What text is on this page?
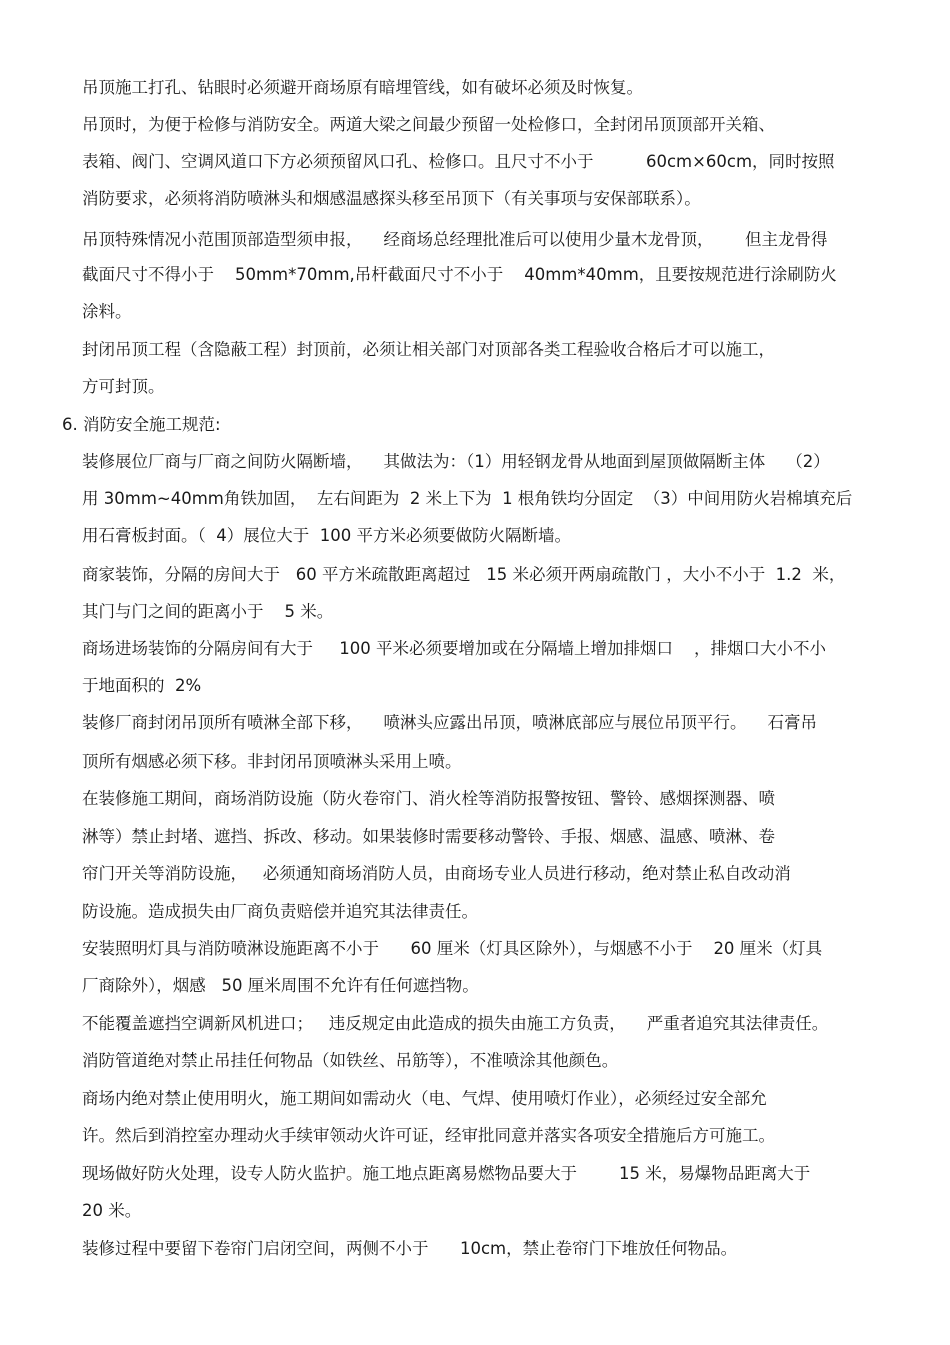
吊顶施工打孔、钻眼时必须避开商场原有暗埋管线，如有破坏必须及时恢复。
吊顶时，为便于检修与消防安全。两道大梁之间最少预留一处检修口，全封闭吊顶顶部开关箱、
表箱、阀门、空调风道口下方必须预留风口孔、检修口。且尺寸不小于          60cm×60cm，同时按照
消防要求，必须将消防喷淋头和烟感温感探头移至吊顶下（有关事项与安保部联系）。
吊顶特殊情况小范围顶部造型须申报，    经商场总经理批准后可以使用少量木龙骨顶，      但主龙骨得
截面尺寸不得小于    50mm*70mm,吊杆截面尺寸不小于    40mm*40mm，且要按规范进行涂刷防火
涂料。
封闭吊顶工程（含隐蔽工程）封顶前，必须让相关部门对顶部各类工程验收合格后才可以施工，
方可封顶。
6. 消防安全施工规范:
装修展位厂商与厂商之间防火隔断墙，    其做法为：（1）用轻钢龙骨从地面到屋顶做隔断主体    （2）
用 30mm~40mm角铁加固，  左右间距为  2 米上下为  1 根角铁均分固定  （3）中间用防火岩棉填充后
用石膏板封面。（  4）展位大于  100 平方米必须要做防火隔断墙。
商家装饰，分隔的房间大于   60 平方米疏散距离超过   15 米必须开两扇疏散门 ，大小不小于  1.2  米，
其门与门之间的距离小于    5 米。
商场进场装饰的分隔房间有大于     100 平米必须要增加或在分隔墙上增加排烟口    ，排烟口大小不小
于地面积的  2%
装修厂商封闭吊顶所有喷淋全部下移，    喷淋头应露出吊顶，喷淋底部应与展位吊顶平行。    石膏吊
顶所有烟感必须下移。非封闭吊顶喷淋头采用上喷。
在装修施工期间，商场消防设施（防火卷帘门、消火栓等消防报警按钮、警铃、感烟探测器、喷
淋等）禁止封堵、遮挡、拆改、移动。如果装修时需要移动警铃、手报、烟感、温感、喷淋、卷
帘门开关等消防设施，   必须通知商场消防人员，由商场专业人员进行移动，绝对禁止私自改动消
防设施。造成损失由厂商负责赔偿并追究其法律责任。
安装照明灯具与消防喷淋设施距离不小于      60 厘米（灯具区除外），与烟感不小于    20 厘米（灯具
厂商除外），烟感   50 厘米周围不允许有任何遮挡物。
不能覆盖遮挡空调新风机进口；   违反规定由此造成的损失由施工方负责，    严重者追究其法律责任。
消防管道绝对禁止吊挂任何物品（如铁丝、吊筋等），不准喷涂其他颜色。
商场内绝对禁止使用明火，施工期间如需动火（电、气焊、使用喷灯作业），必须经过安全部允
许。然后到消控室办理动火手续审领动火许可证，经审批同意并落实各项安全措施后方可施工。
现场做好防火处理，设专人防火监护。施工地点距离易燃物品要大于        15 米，易爆物品距离大于
20 米。
装修过程中要留下卷帘门启闭空间，两侧不小于      10cm，禁止卷帘门下堆放任何物品。
